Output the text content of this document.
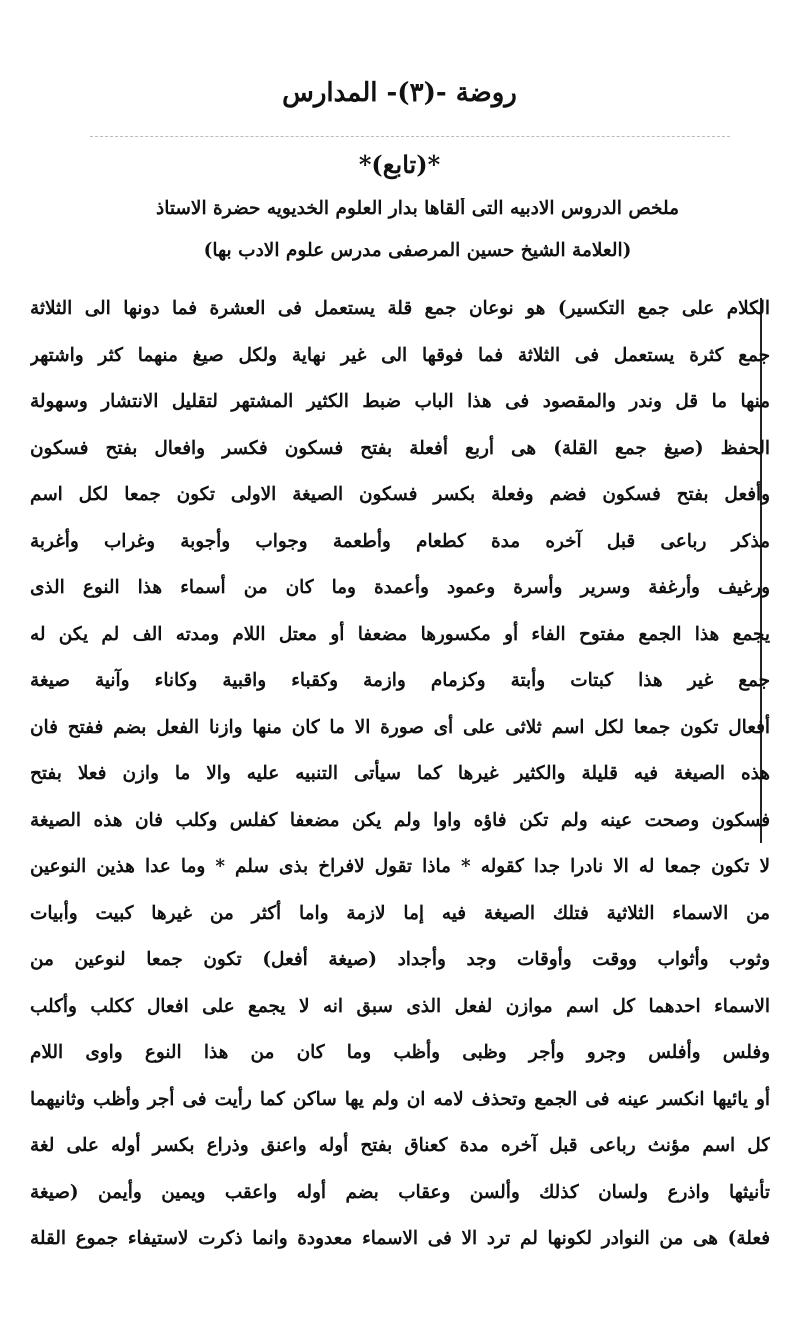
روضة -(٣)- المدارس
*(تابع)*
ملخص الدروس الادبيه التى ألقاها بدار العلوم الخديويه حضرة الاستاذ
(العلامة الشيخ حسين المرصفى مدرس علوم الادب بها)
الكلام على جمع التكسير) هو نوعان جمع قلة يستعمل فى العشرة فما دونها الى الثلاثة
جمع كثرة يستعمل فى الثلاثة فما فوقها الى غير نهاية ولكل صيغ منهما كثر واشتهر
منها ما قل وندر والمقصود فى هذا الباب ضبط الكثير المشتهر لتقليل الانتشار وسهولة
الحفظ (صيغ جمع القلة) هى أربع أفعلة بفتح فسكون فكسر وافعال بفتح فسكون
وأفعل بفتح فسكون فضم وفعلة بكسر فسكون الصيغة الاولى تكون جمعا لكل اسم
مذكر رباعى قبل آخره مدة كطعام وأطعمة وجواب وأجوبة وغراب وأغربة
ورغيف وأرغفة وسرير وأسرة وعمود وأعمدة وما كان من أسماء هذا النوع الذى
يجمع هذا الجمع مفتوح الفاء أو مكسورها مضعفا أو معتل اللام ومدته الف لم يكن له
جمع غير هذا كبتات وأبتة وكزمام وازمة وكقباء واقبية وكاناء وآنية صيغة
أفعال تكون جمعا لكل اسم ثلاثى على أى صورة الا ما كان منها وازنا الفعل بضم ففتح فان
هذه الصيغة فيه قليلة والكثير غيرها كما سيأتى التنبيه عليه والا ما وازن فعلا بفتح
فسكون وصحت عينه ولم تكن فاؤه واوا ولم يكن مضعفا كفلس وكلب فان هذه الصيغة
لا تكون جمعا له الا نادرا جدا كقوله * ماذا تقول لافراخ بذى سلم * وما عدا هذين النوعين
من الاسماء الثلاثية فتلك الصيغة فيه إما لازمة واما أكثر من غيرها كبيت وأبيات
وثوب وأثواب ووقت وأوقات وجد وأجداد (صيغة أفعل) تكون جمعا لنوعين من
الاسماء احدهما كل اسم موازن لفعل الذى سبق انه لا يجمع على افعال ككلب وأكلب
وفلس وأفلس وجرو وأجر وظبى وأظب وما كان من هذا النوع واوى اللام
أو يائيها انكسر عينه فى الجمع وتحذف لامه ان ولم يها ساكن كما رأيت فى أجر وأظب وثانيهما
كل اسم مؤنث رباعى قبل آخره مدة كعناق بفتح أوله واعنق وذراع بكسر أوله على لغة
تأنيثها واذرع ولسان كذلك وألسن وعقاب بضم أوله واعقب ويمين وأيمن (صيغة
فعلة) هى من النوادر لكونها لم ترد الا فى الاسماء معدودة وانما ذكرت لاستيفاء جموع القلة
